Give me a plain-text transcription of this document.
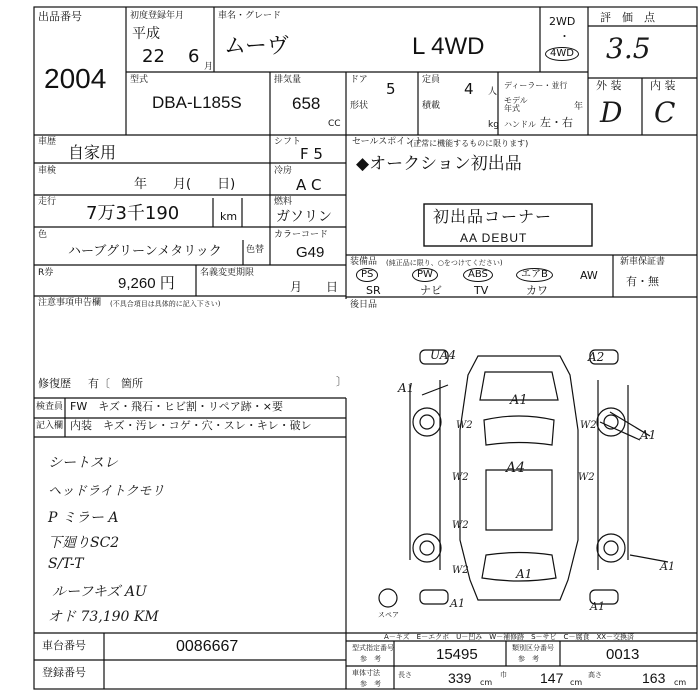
出品番号
2004
初度登録年月
平成
22 6 月
車名・グレード
ムーヴ	L 4WD
2WD
・
4WD
評　価　点
3.5
外 装	内 装
D C
型式
DBA-L185S
排気量
658
CC
ドア 5
形状
定員 4 人
積載
kg
ディーラー・並行
モデル年式	年
ハンドル 左・右
車歴
自家用
シフト
F 5
車検
年　　月(　　日)
冷房
A C
走行
7万3千190	km
燃料
ガソリン
色
ハーブグリーンメタリック	色替
カラーコード
G49
R券
9,260 円
名義変更期限
月　　日
注意事項申告欄 (不具合項目は具体的に記入下さい)
修復歴 有〔　箇所	〕
セールスポイント
(正常に機能するものに限ります)
◆オークション初出品
初出品コーナー
AA DEBUT
装備品 (純正品に限り、○をつけてください)
PS	PW	ABS	エアB	AW
SR	ナビ	TV	カワ
新車保証書
有・無
後日品
検査員
記入欄
FW　キズ・飛石・ヒビ割・リペア跡・×要
内装　キズ・汚レ・コゲ・穴・スレ・キレ・破レ
シートスレ
ヘッドライトクモリ
P ミラー A
下廻りSC2
S/T-T
ルーフキズ AU
オド 73,190 KM
UA4	A2
A1
A1
A1
W2	W2
A4
W2	W2
W2
W2	A1
A1	A1
A1
スペア
A－キズ　E－エクボ　U－凹み　W－補修跡　S－サビ　C－腐食　XX－交換済
車台番号	0086667
登録番号
型式指定番号
参　考	15495	類別区分番号
参　考	0013
車体寸法
参　考
長さ	339 cm
巾 147 cm
高さ	163 cm
